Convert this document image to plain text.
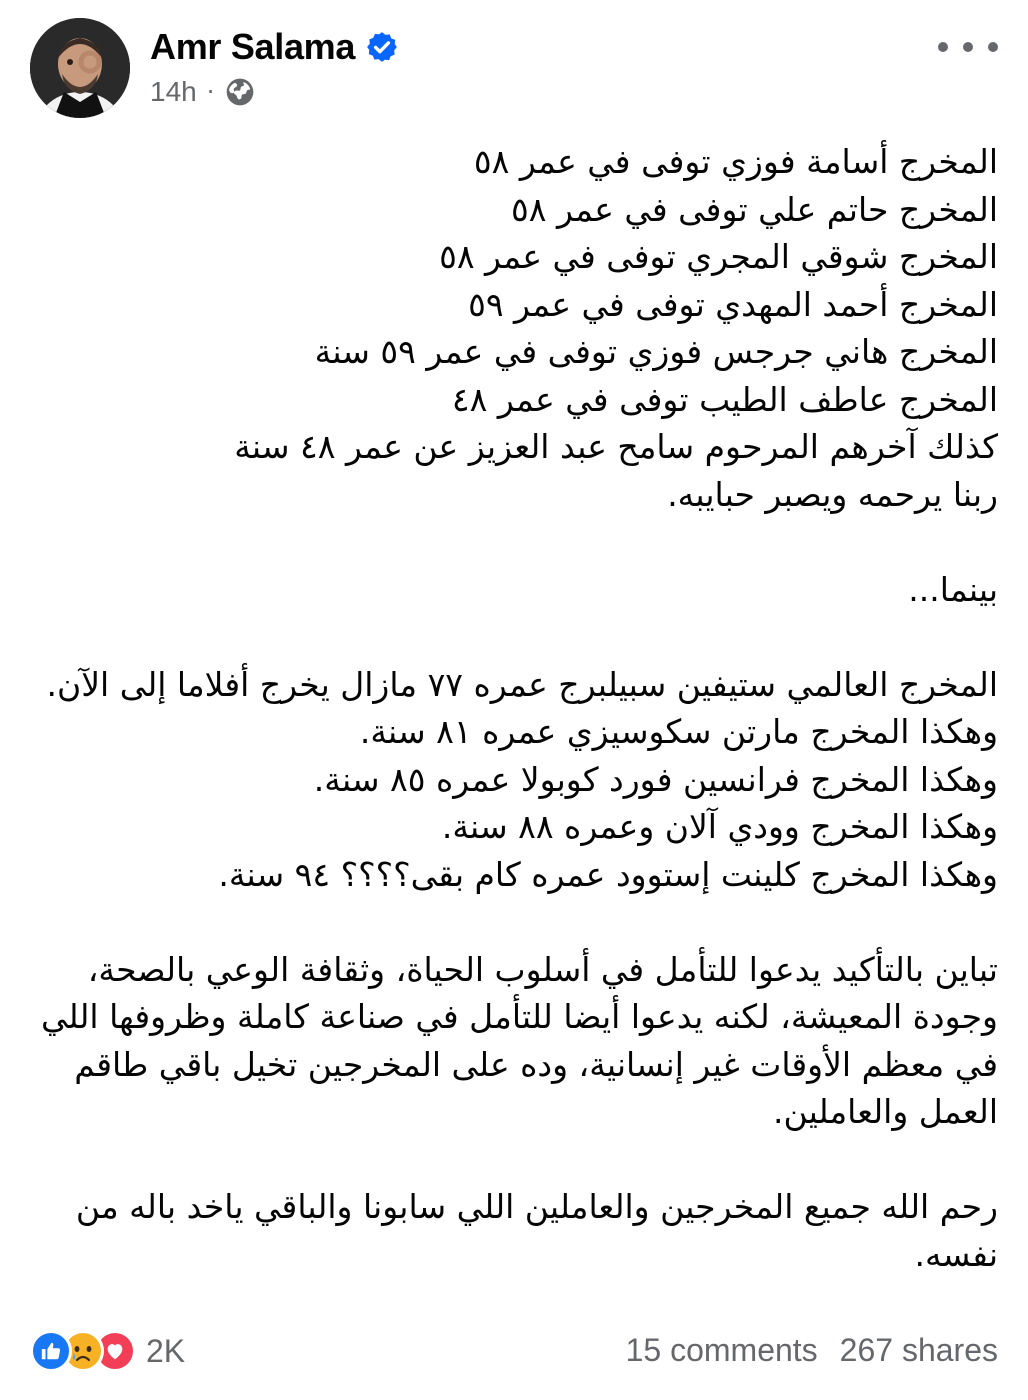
Amr Salama
14h ·

المخرج أسامة فوزي توفى في عمر ٥٨

المخرج حاتم علي توفى في عمر ٥٨

المخرج شوقي المجري توفى في عمر ٥٨

المخرج أحمد المهدي توفى في عمر ٥٩

المخرج هاني جرجس فوزي توفى في عمر ٥٩ سنة

المخرج عاطف الطيب توفى في عمر ٤٨

كذلك آخرهم المرحوم سامح عبد العزيز عن عمر ٤٨ سنة

ربنا يرحمه ويصبر حبايبه.

بينما...

المخرج العالمي ستيفين سبيلبرج عمره ٧٧ مازال يخرج أفلاما إلى الآن.

وهكذا المخرج مارتن سكوسيزي عمره ٨١ سنة.

وهكذا المخرج فرانسين فورد كوبولا عمره ٨٥ سنة.

وهكذا المخرج وودي آلان وعمره ٨٨ سنة.

وهكذا المخرج كلينت إستوود عمره كام بقى؟؟؟؟ ٩٤ سنة.

تباين بالتأكيد يدعوا للتأمل في أسلوب الحياة، وثقافة الوعي بالصحة، وجودة المعيشة، لكنه يدعوا أيضا للتأمل في صناعة كاملة وظروفها اللي في معظم الأوقات غير إنسانية، وده على المخرجين تخيل باقي طاقم العمل والعاملين.

رحم الله جميع المخرجين والعاملين اللي سابونا والباقي ياخد باله من نفسه.

2K	15 comments 267 shares
